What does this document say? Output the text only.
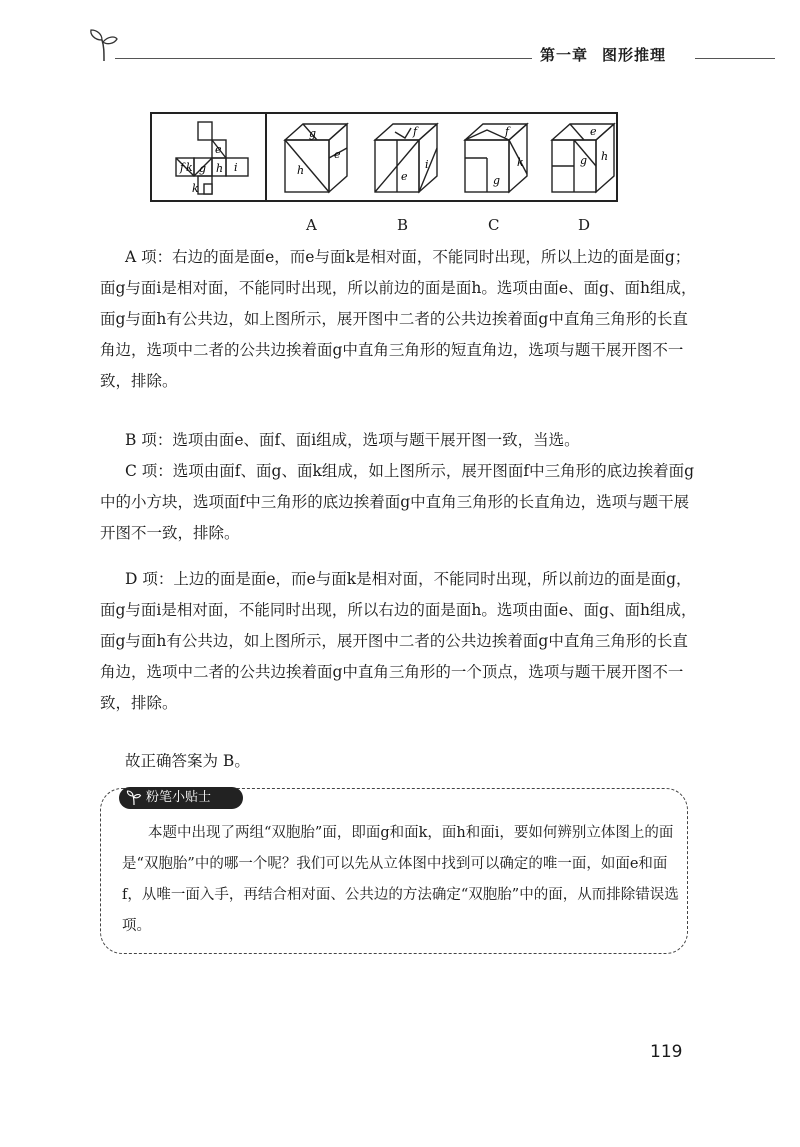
第一章 图形推理
f
e
k g h i
k
g
h
e
f
e
i
f
g
k
e
g h
A	B	C	D

A 项：右边的面是面e，而e与面k是相对面，不能同时出现，所以上边的面是面g；面g与面i是相对面，不能同时出现，所以前边的面是面h。选项由面e、面g、面h组成，面g与面h有公共边，如上图所示，展开图中二者的公共边挨着面g中直角三角形的长直角边，选项中二者的公共边挨着面g中直角三角形的短直角边，选项与题干展开图不一致，排除。

B 项：选项由面e、面f、面i组成，选项与题干展开图一致，当选。

C 项：选项由面f、面g、面k组成，如上图所示，展开图面f中三角形的底边挨着面g中的小方块，选项面f中三角形的底边挨着面g中直角三角形的长直角边，选项与题干展开图不一致，排除。

D 项：上边的面是面e，而e与面k是相对面，不能同时出现，所以前边的面是面g，面g与面i是相对面，不能同时出现，所以右边的面是面h。选项由面e、面g、面h组成，面g与面h有公共边，如上图所示，展开图中二者的公共边挨着面g中直角三角形的长直角边，选项中二者的公共边挨着面g中直角三角形的一个顶点，选项与题干展开图不一致，排除。

故正确答案为 B。

粉笔小贴士

本题中出现了两组“双胞胎”面，即面g和面k，面h和面i，要如何辨别立体图上的面是“双胞胎”中的哪一个呢？我们可以先从立体图中找到可以确定的唯一面，如面e和面f，从唯一面入手，再结合相对面、公共边的方法确定“双胞胎”中的面，从而排除错误选项。

119
